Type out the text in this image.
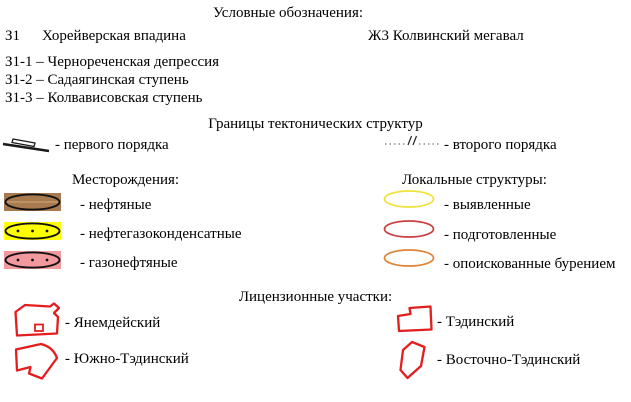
Условные обозначения:
З1 Хорейверская впадина	Ж3 Колвинский мегавал
З1-1 – Чернореченская депрессия
З1-2 – Садаягинская ступень
З1-3 – Колвависовская ступень
Границы тектонических структур
- первого порядка	- второго порядка
Месторождения:
- нефтяные
- нефтегазоконденсатные
- газонефтяные
Локальные структуры:
- выявленные
- подготовленные
- опоискованные бурением
Лицензионные участки:
- Янемдейский	- Тэдинский
- Южно-Тэдинский	- Восточно-Тэдинский
